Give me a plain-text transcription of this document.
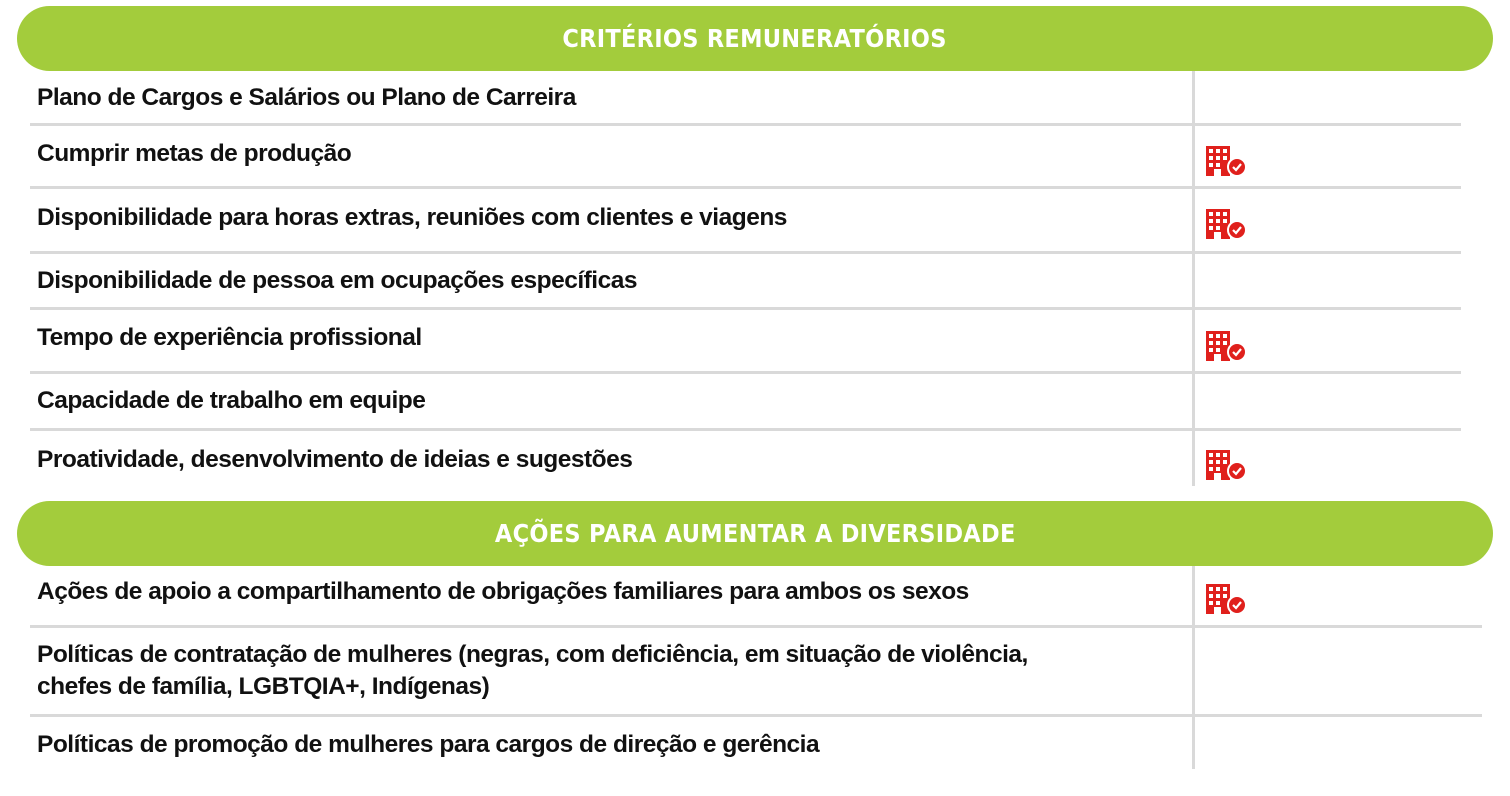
CRITÉRIOS REMUNERATÓRIOS
Plano de Cargos e Salários ou Plano de Carreira
Cumprir metas de produção
Disponibilidade para horas extras, reuniões com clientes e viagens
Disponibilidade de pessoa em ocupações específicas
Tempo de experiência profissional
Capacidade de trabalho em equipe
Proatividade, desenvolvimento de ideias e sugestões
AÇÕES PARA AUMENTAR A DIVERSIDADE
Ações de apoio a compartilhamento de obrigações familiares para ambos os sexos
Políticas de contratação de mulheres (negras, com deficiência, em situação de violência,
chefes de família, LGBTQIA+, Indígenas)
Políticas de promoção de mulheres para cargos de direção e gerência
